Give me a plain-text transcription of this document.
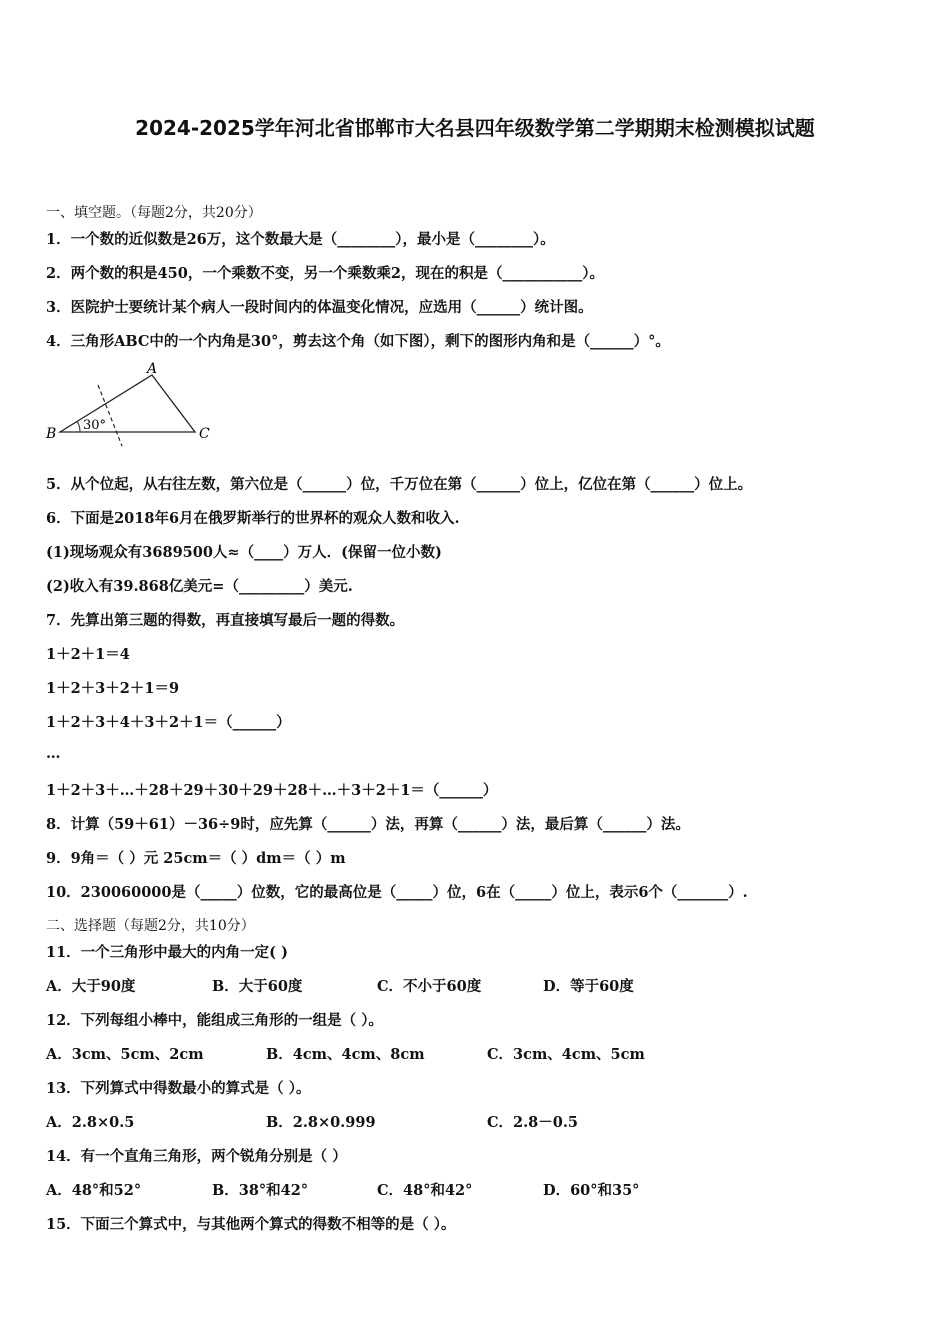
2024-2025学年河北省邯郸市大名县四年级数学第二学期期末检测模拟试题
一、填空题。（每题2分，共20分）
1．一个数的近似数是26万，这个数最大是（________），最小是（________）。
2．两个数的积是450，一个乘数不变，另一个乘数乘2，现在的积是（___________）。
3．医院护士要统计某个病人一段时间内的体温变化情况，应选用（______）统计图。
4．三角形ABC中的一个内角是30°，剪去这个角（如下图），剩下的图形内角和是（______）°。
A
B	C
30°
5．从个位起，从右往左数，第六位是（______）位，千万位在第（______）位上，亿位在第（______）位上。
6．下面是2018年6月在俄罗斯举行的世界杯的观众人数和收入.
(1)现场观众有3689500人≈（____）万人．(保留一位小数)
(2)收入有39.868亿美元=（_________）美元.
7．先算出第三题的得数，再直接填写最后一题的得数。
1＋2＋1＝4
1＋2＋3＋2＋1＝9
1＋2＋3＋4＋3＋2＋1＝（______）
…
1＋2＋3＋…＋28＋29＋30＋29＋28＋…＋3＋2＋1＝（______）
8．计算（59＋61）－36÷9时，应先算（______）法，再算（______）法，最后算（______）法。
9．9角＝（ ）元 25cm＝（ ）dm＝（ ）m
10．230060000是（_____）位数，它的最高位是（_____）位，6在（_____）位上，表示6个（_______）.
二、选择题（每题2分，共10分）
11．一个三角形中最大的内角一定( )
A．大于90度	B．大于60度	C．不小于60度	D．等于60度
12．下列每组小棒中，能组成三角形的一组是（ ）。
A．3cm、5cm、2cm	B．4cm、4cm、8cm	C．3cm、4cm、5cm
13．下列算式中得数最小的算式是（ ）。
A．2.8×0.5	B．2.8×0.999	C．2.8－0.5
14．有一个直角三角形，两个锐角分别是（ ）
A．48°和52°	B．38°和42°	C．48°和42°	D．60°和35°
15．下面三个算式中，与其他两个算式的得数不相等的是（ ）。
